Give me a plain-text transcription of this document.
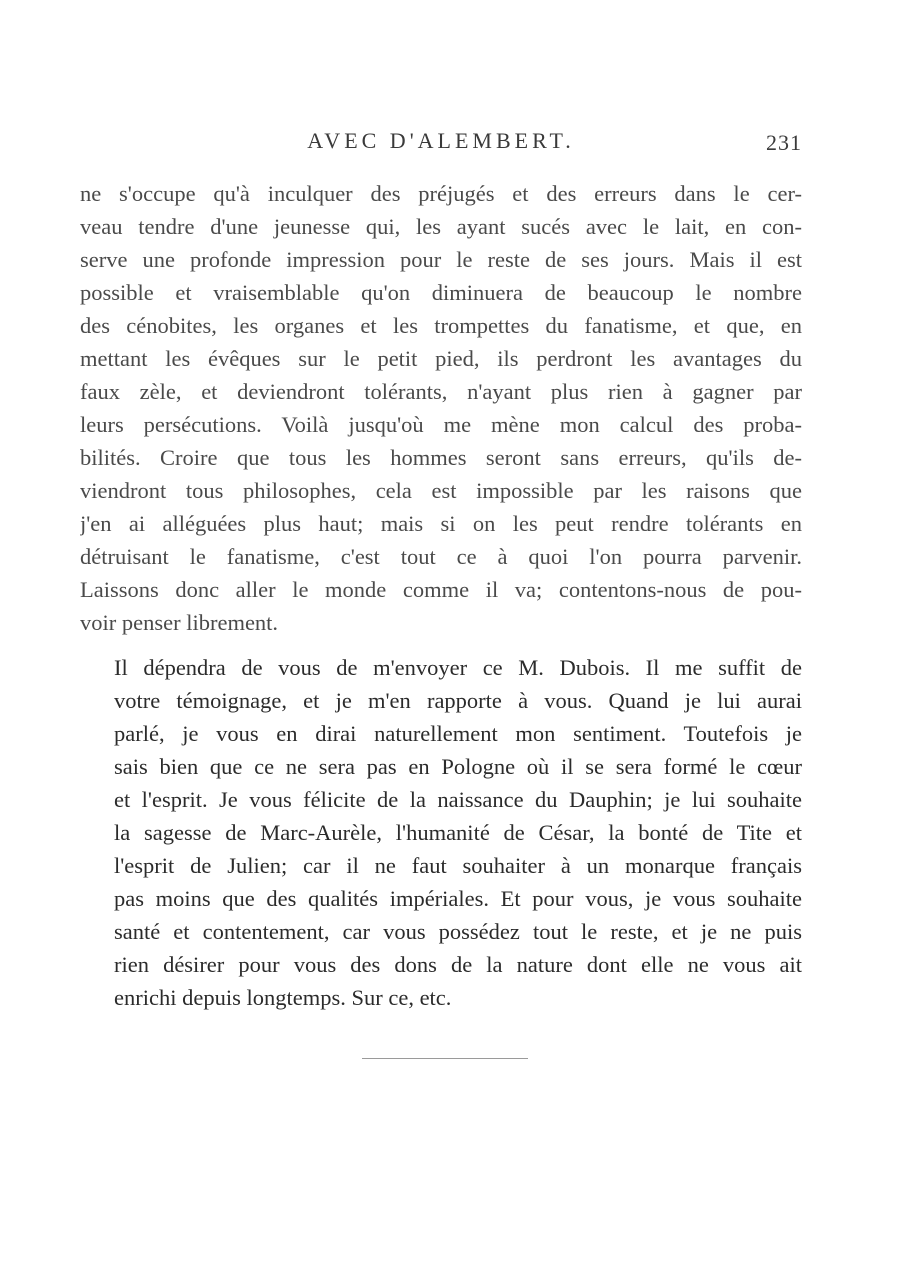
AVEC D'ALEMBERT.	231

ne s'occupe qu'à inculquer des préjugés et des erreurs dans le cer-
veau tendre d'une jeunesse qui, les ayant sucés avec le lait, en con-
serve une profonde impression pour le reste de ses jours. Mais il est
possible et vraisemblable qu'on diminuera de beaucoup le nombre
des cénobites, les organes et les trompettes du fanatisme, et que, en
mettant les évêques sur le petit pied, ils perdront les avantages du
faux zèle, et deviendront tolérants, n'ayant plus rien à gagner par
leurs persécutions. Voilà jusqu'où me mène mon calcul des proba-
bilités. Croire que tous les hommes seront sans erreurs, qu'ils de-
viendront tous philosophes, cela est impossible par les raisons que
j'en ai alléguées plus haut; mais si on les peut rendre tolérants en
détruisant le fanatisme, c'est tout ce à quoi l'on pourra parvenir.
Laissons donc aller le monde comme il va; contentons-nous de pou-
voir penser librement.

Il dépendra de vous de m'envoyer ce M. Dubois. Il me suffit de
votre témoignage, et je m'en rapporte à vous. Quand je lui aurai
parlé, je vous en dirai naturellement mon sentiment. Toutefois je
sais bien que ce ne sera pas en Pologne où il se sera formé le cœur
et l'esprit. Je vous félicite de la naissance du Dauphin; je lui souhaite
la sagesse de Marc-Aurèle, l'humanité de César, la bonté de Tite et
l'esprit de Julien; car il ne faut souhaiter à un monarque français
pas moins que des qualités impériales. Et pour vous, je vous souhaite
santé et contentement, car vous possédez tout le reste, et je ne puis
rien désirer pour vous des dons de la nature dont elle ne vous ait
enrichi depuis longtemps. Sur ce, etc.
